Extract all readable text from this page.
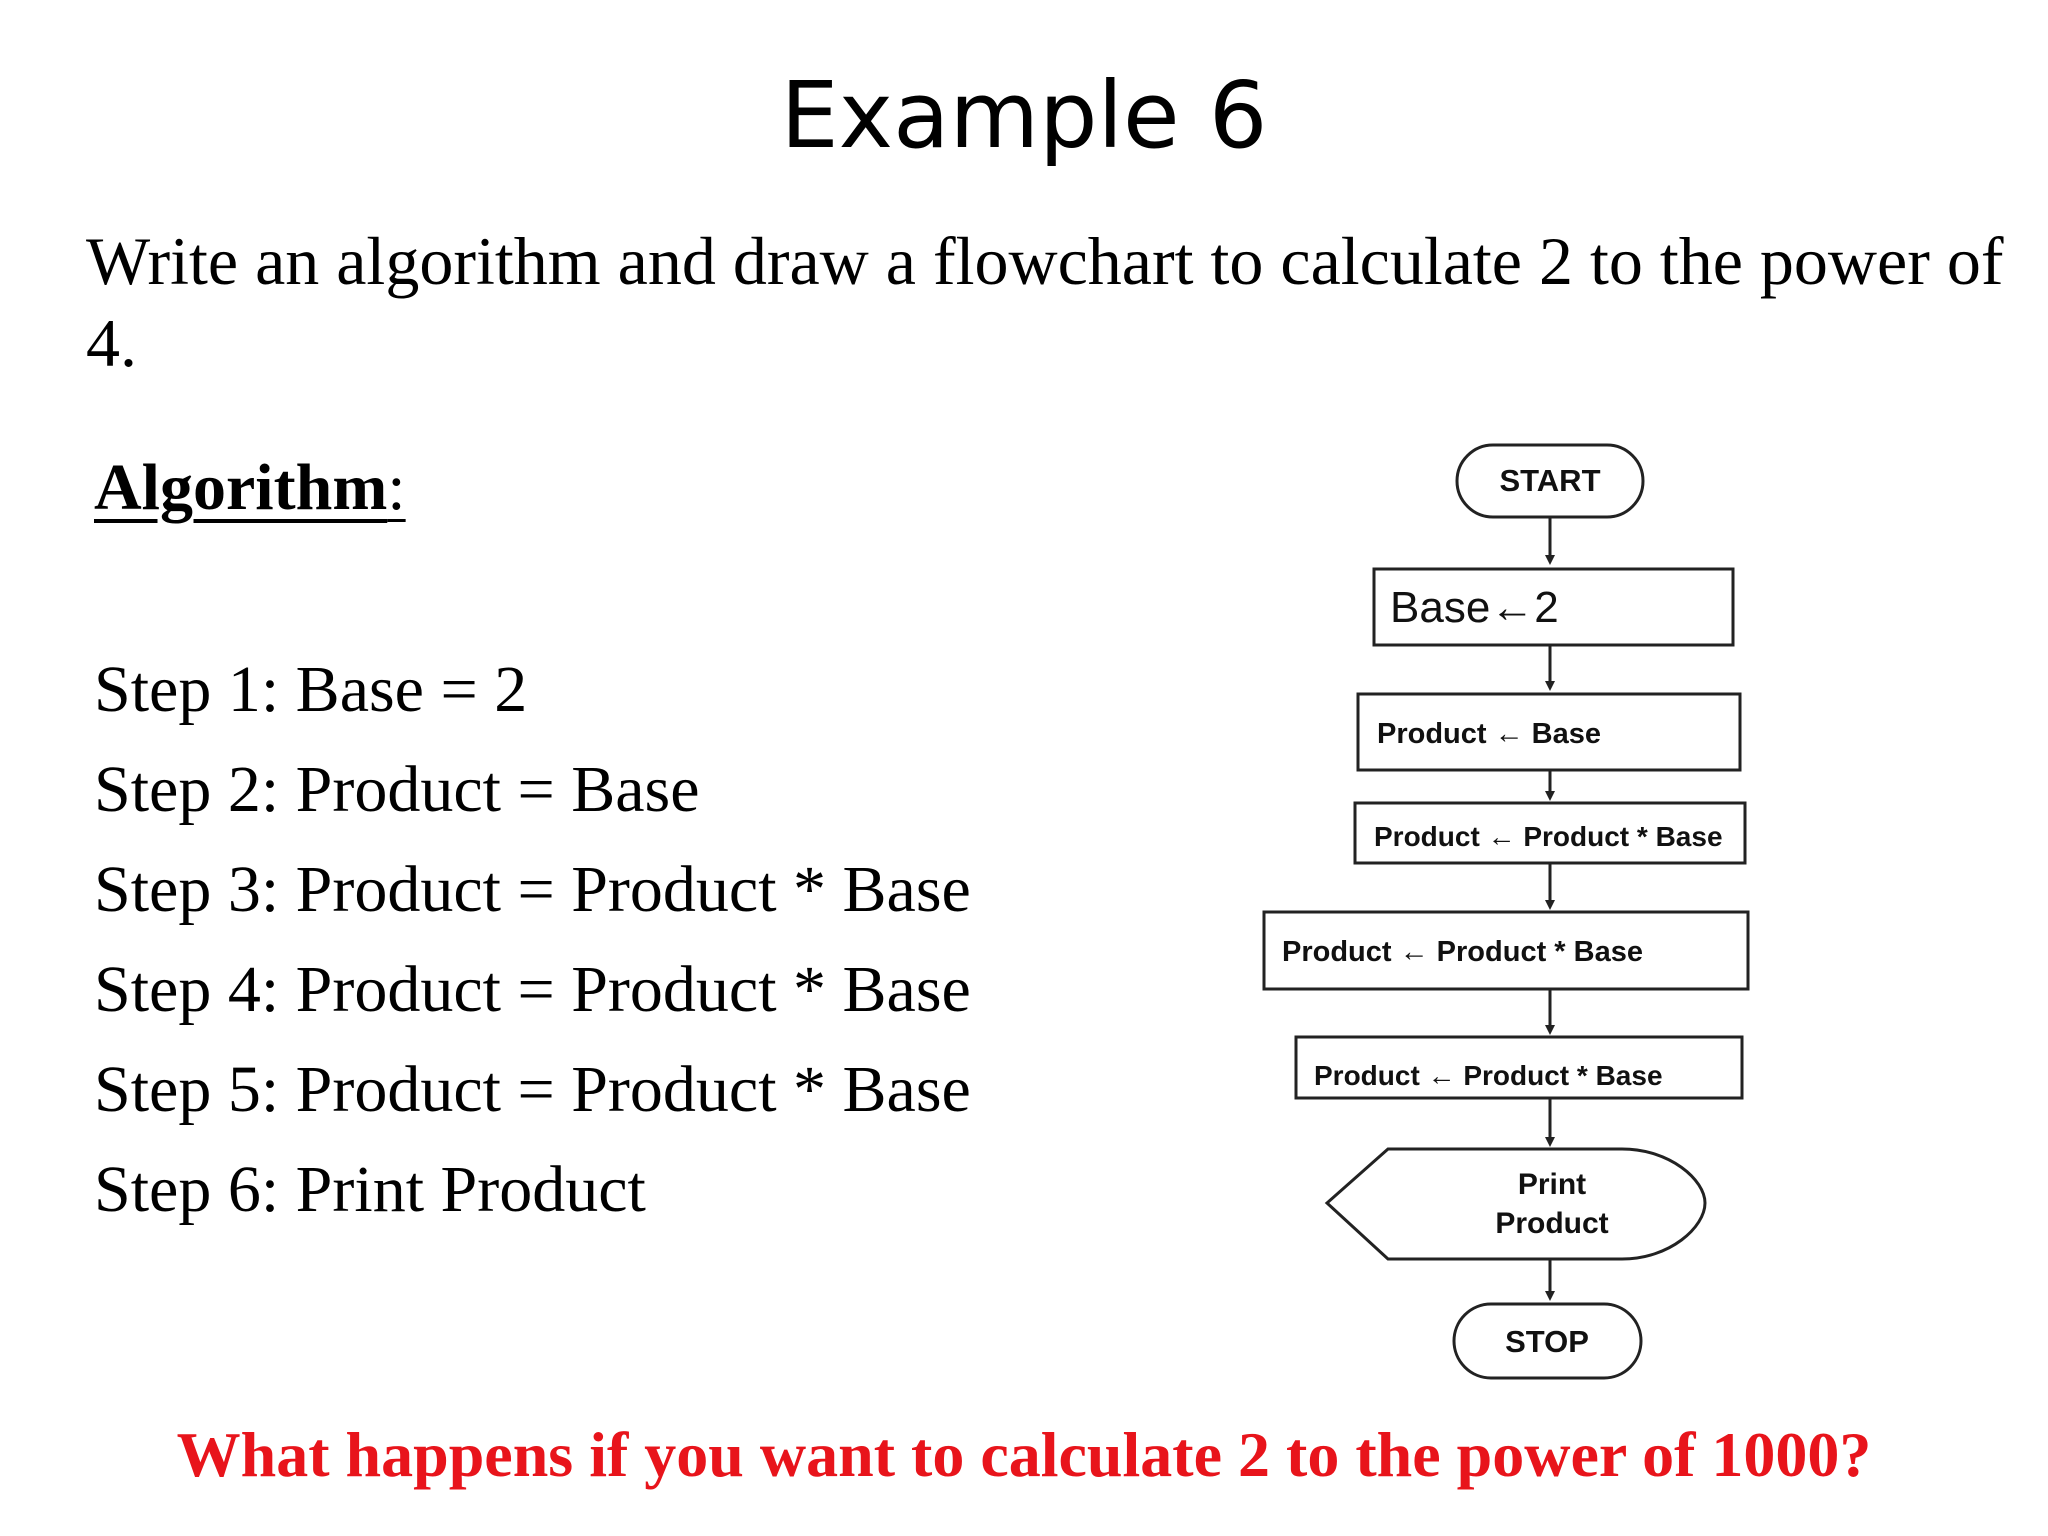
Example 6
Write an algorithm and draw a flowchart to calculate 2 to the power of 4.
Algorithm:
Step 1: Base = 2
Step 2: Product = Base
Step 3: Product = Product * Base
Step 4: Product = Product * Base
Step 5: Product = Product * Base
Step 6: Print Product
START
Base←2
Product ← Base
Product ← Product * Base
Product ← Product * Base
Product ← Product * Base
Print
Product
STOP
What happens if you want to calculate 2 to the power of 1000?
